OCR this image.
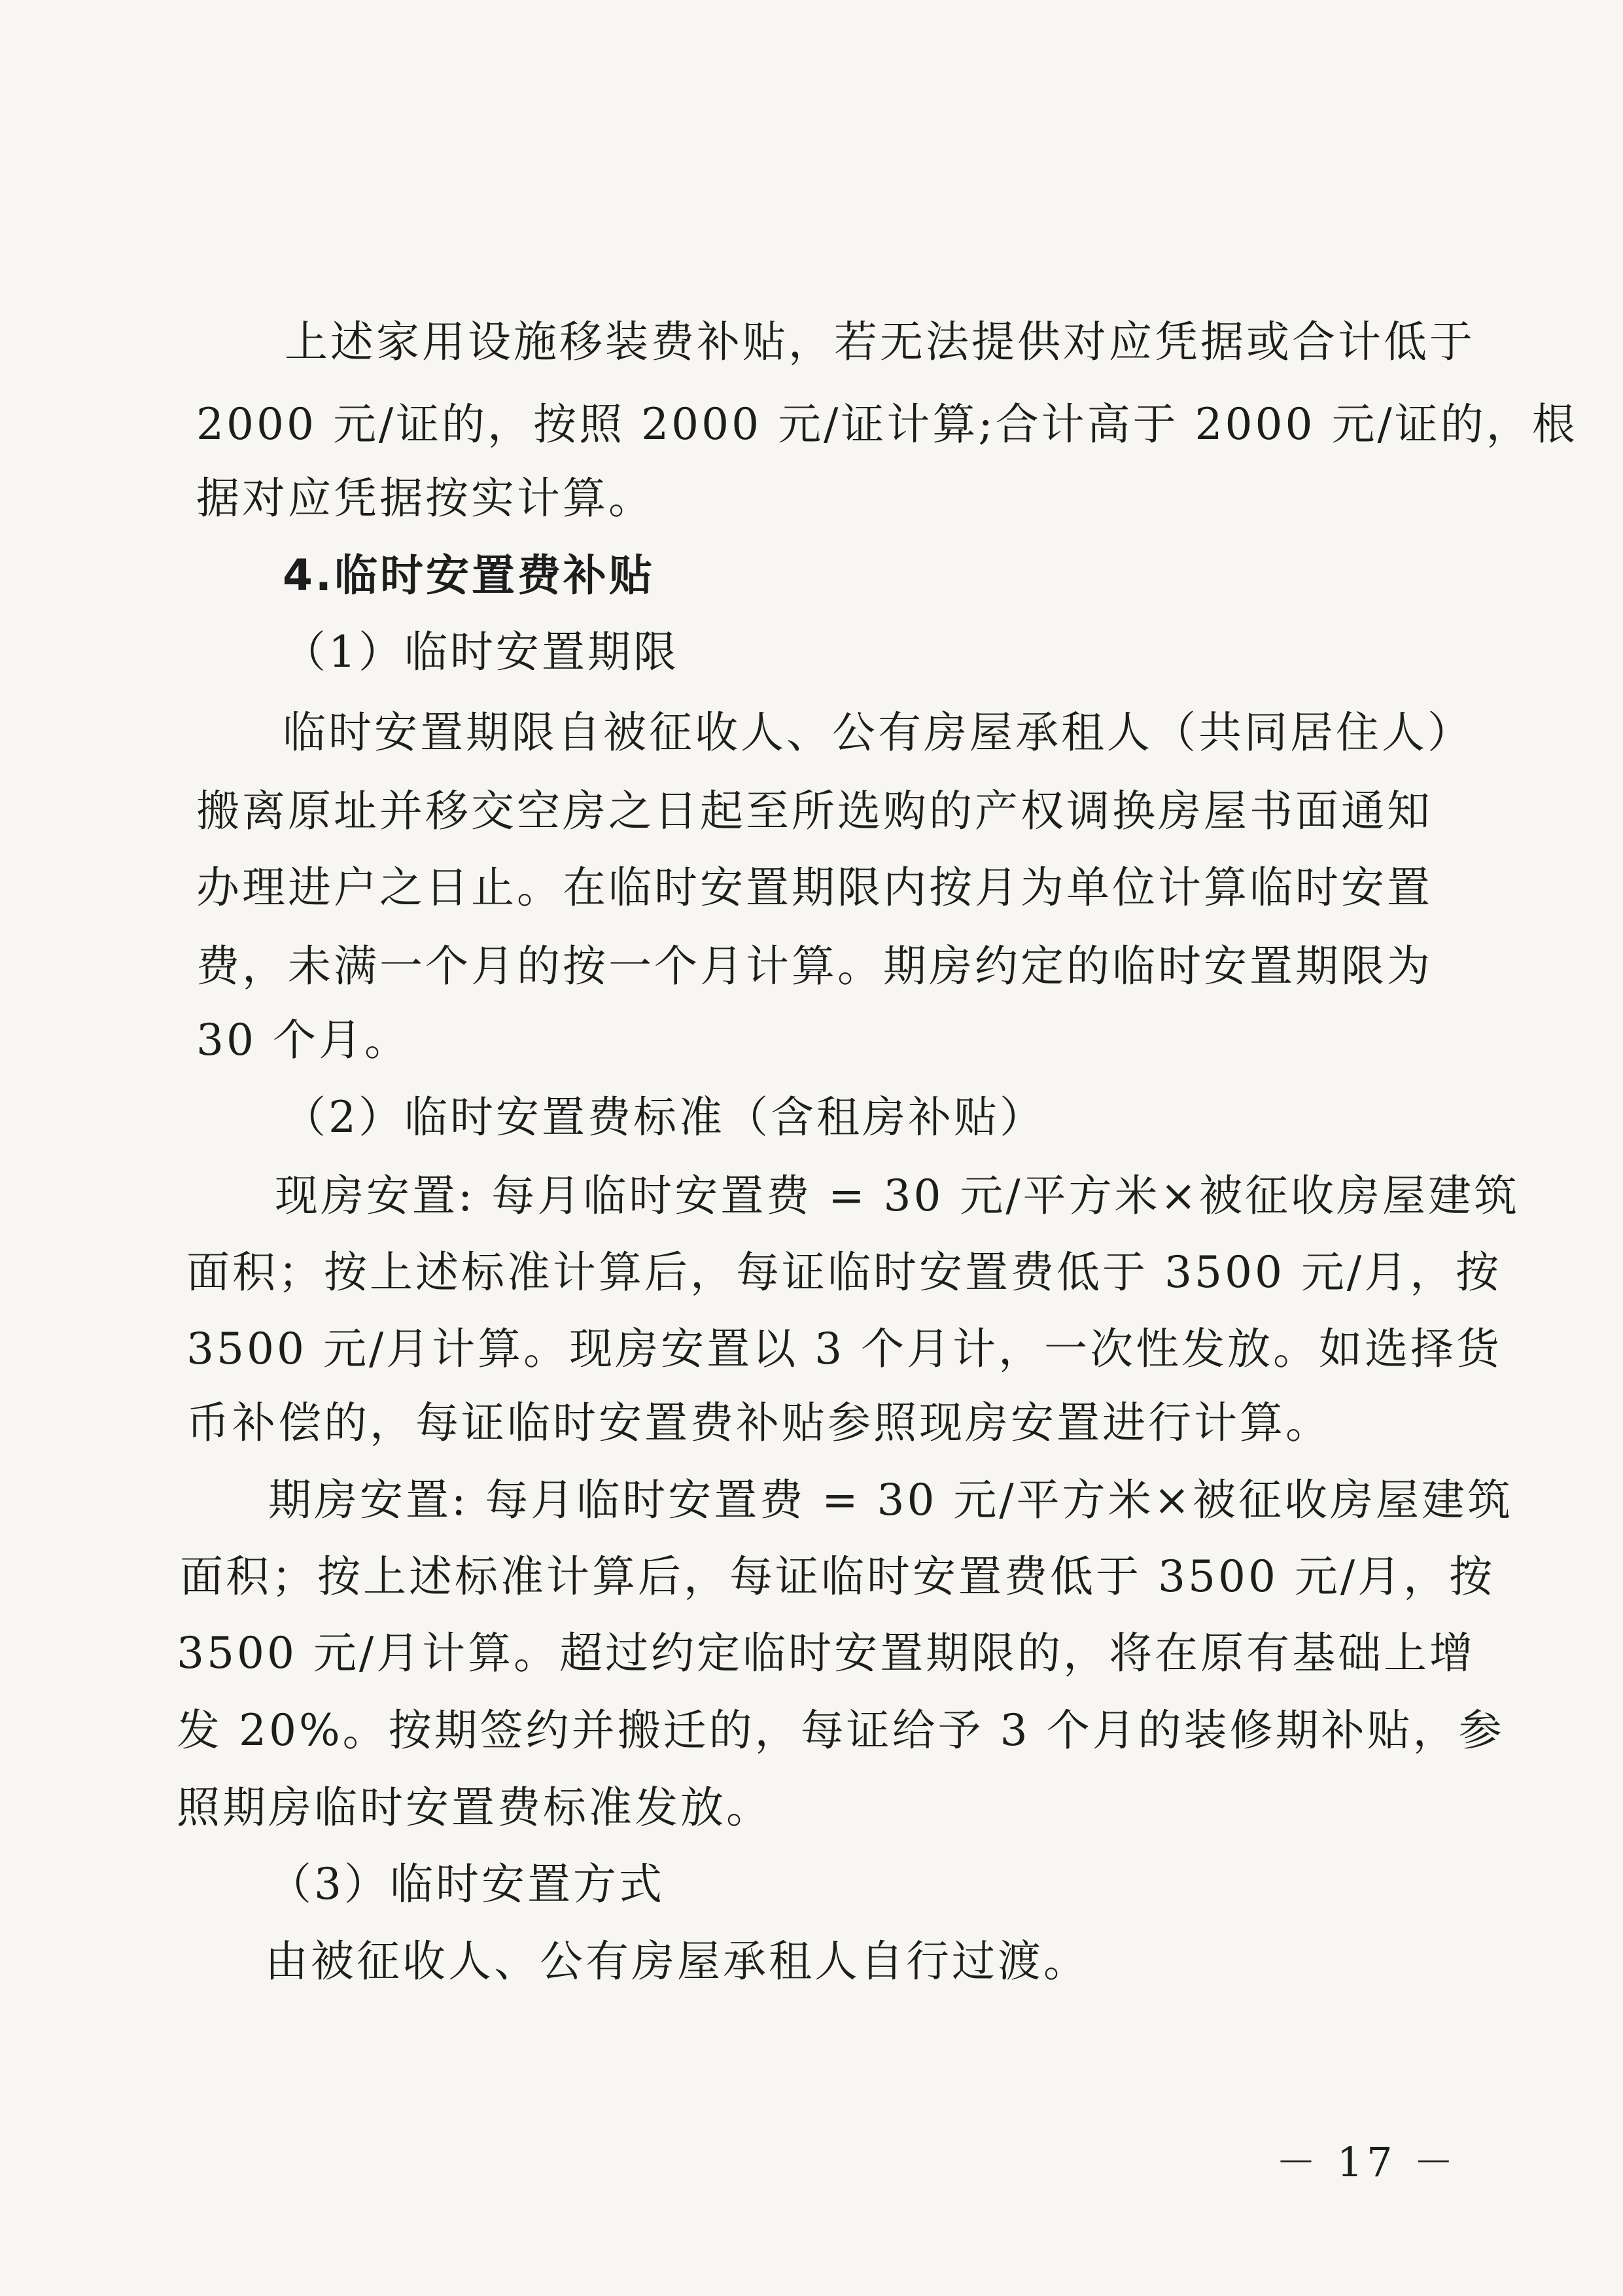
上述家用设施移装费补贴，若无法提供对应凭据或合计低于
2000 元/证的，按照 2000 元/证计算;合计高于 2000 元/证的，根
据对应凭据按实计算。
4.临时安置费补贴
（1）临时安置期限
临时安置期限自被征收人、公有房屋承租人（共同居住人）
搬离原址并移交空房之日起至所选购的产权调换房屋书面通知
办理进户之日止。在临时安置期限内按月为单位计算临时安置
费，未满一个月的按一个月计算。期房约定的临时安置期限为
30 个月。
（2）临时安置费标准（含租房补贴）
现房安置: 每月临时安置费 = 30 元/平方米×被征收房屋建筑
面积；按上述标准计算后，每证临时安置费低于 3500 元/月，按
3500 元/月计算。现房安置以 3 个月计，一次性发放。如选择货
币补偿的，每证临时安置费补贴参照现房安置进行计算。
期房安置: 每月临时安置费 = 30 元/平方米×被征收房屋建筑
面积；按上述标准计算后，每证临时安置费低于 3500 元/月，按
3500 元/月计算。超过约定临时安置期限的，将在原有基础上增
发 20%。按期签约并搬迁的，每证给予 3 个月的装修期补贴，参
照期房临时安置费标准发放。
（3）临时安置方式
由被征收人、公有房屋承租人自行过渡。
－ 17 －
